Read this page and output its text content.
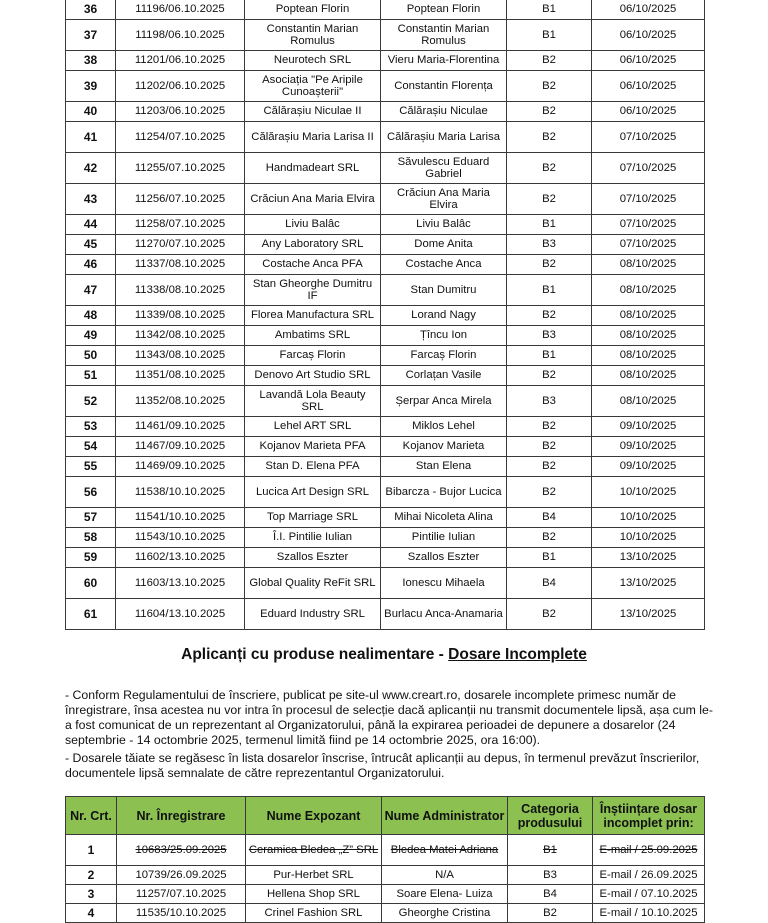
36	11196/06.10.2025	Poptean Florin	Poptean Florin	B1	06/10/2025
37	11198/06.10.2025	Constantin Marian Romulus	Constantin Marian Romulus	B1	06/10/2025
38	11201/06.10.2025	Neurotech SRL	Vieru Maria-Florentina	B2	06/10/2025
39	11202/06.10.2025	Asociația "Pe Aripile Cunoașterii"	Constantin Florența	B2	06/10/2025
40	11203/06.10.2025	Călărașiu Niculae II	Călărașiu Niculae	B2	06/10/2025
41	11254/07.10.2025	Călărașiu Maria Larisa II	Călărașiu Maria Larisa	B2	07/10/2025
42	11255/07.10.2025	Handmadeart SRL	Săvulescu Eduard Gabriel	B2	07/10/2025
43	11256/07.10.2025	Crăciun Ana Maria Elvira	Crăciun Ana Maria Elvira	B2	07/10/2025
44	11258/07.10.2025	Liviu Balâc	Liviu Balâc	B1	07/10/2025
45	11270/07.10.2025	Any Laboratory SRL	Dome Anita	B3	07/10/2025
46	11337/08.10.2025	Costache Anca PFA	Costache Anca	B2	08/10/2025
47	11338/08.10.2025	Stan Gheorghe Dumitru IF	Stan Dumitru	B1	08/10/2025
48	11339/08.10.2025	Florea Manufactura SRL	Lorand Nagy	B2	08/10/2025
49	11342/08.10.2025	Ambatims SRL	Țîncu Ion	B3	08/10/2025
50	11343/08.10.2025	Farcaș Florin	Farcaș Florin	B1	08/10/2025
51	11351/08.10.2025	Denovo Art Studio SRL	Corlațan Vasile	B2	08/10/2025
52	11352/08.10.2025	Lavandă Lola Beauty SRL	Șerpar Anca Mirela	B3	08/10/2025
53	11461/09.10.2025	Lehel ART SRL	Miklos Lehel	B2	09/10/2025
54	11467/09.10.2025	Kojanov Marieta PFA	Kojanov Marieta	B2	09/10/2025
55	11469/09.10.2025	Stan D. Elena PFA	Stan Elena	B2	09/10/2025
56	11538/10.10.2025	Lucica Art Design SRL	Bibarcza - Bujor Lucica	B2	10/10/2025
57	11541/10.10.2025	Top Marriage SRL	Mihai Nicoleta Alina	B4	10/10/2025
58	11543/10.10.2025	Î.I. Pintilie Iulian	Pintilie Iulian	B2	10/10/2025
59	11602/13.10.2025	Szallos Eszter	Szallos Eszter	B1	13/10/2025
60	11603/13.10.2025	Global Quality ReFit SRL	Ionescu Mihaela	B4	13/10/2025
61	11604/13.10.2025	Eduard Industry SRL	Burlacu Anca-Anamaria	B2	13/10/2025
Aplicanți cu produse nealimentare - Dosare Incomplete

- Conform Regulamentului de înscriere, publicat pe site-ul www.creart.ro, dosarele incomplete primesc număr de înregistrare, însa acestea nu vor intra în procesul de selecție dacă aplicanții nu transmit documentele lipsă, așa cum le-a fost comunicat de un reprezentant al Organizatorului, până la expirarea perioadei de depunere a dosarelor (24 septembrie - 14 octombrie 2025, termenul limită fiind pe 14 octombrie 2025, ora 16:00).

- Dosarele tăiate se regăsesc în lista dosarelor înscrise, întrucât aplicanții au depus, în termenul prevăzut înscrierilor, documentele lipsă semnalate de către reprezentantul Organizatorului.

Nr. Crt.	Nr. Înregistrare	Nume Expozant	Nume Administrator	Categoria produsului	Înștiințare dosar incomplet prin:
1	10683/25.09.2025	Ceramica Bledea „Z” SRL	Bledea Matei Adriana	B1	E-mail / 25.09.2025
2	10739/26.09.2025	Pur-Herbet SRL	N/A	B3	E-mail / 26.09.2025
3	11257/07.10.2025	Hellena Shop SRL	Soare Elena- Luiza	B4	E-mail / 07.10.2025
4	11535/10.10.2025	Crinel Fashion SRL	Gheorghe Cristina	B2	E-mail / 10.10.2025
